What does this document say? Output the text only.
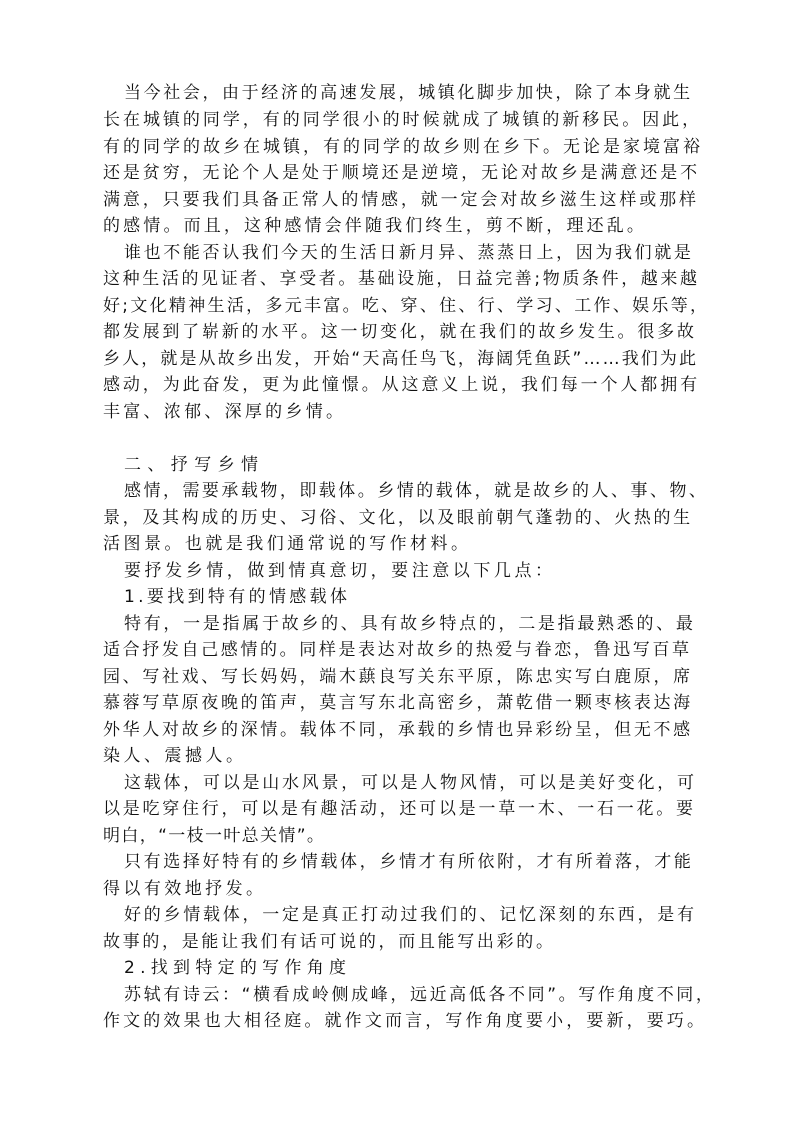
当今社会，由于经济的高速发展，城镇化脚步加快，除了本身就生

长在城镇的同学，有的同学很小的时候就成了城镇的新移民。因此，

有的同学的故乡在城镇，有的同学的故乡则在乡下。无论是家境富裕

还是贫穷，无论个人是处于顺境还是逆境，无论对故乡是满意还是不

满意，只要我们具备正常人的情感，就一定会对故乡滋生这样或那样

的感情。而且，这种感情会伴随我们终生，剪不断，理还乱。

谁也不能否认我们今天的生活日新月异、蒸蒸日上，因为我们就是

这种生活的见证者、享受者。基础设施，日益完善;物质条件，越来越

好;文化精神生活，多元丰富。吃、穿、住、行、学习、工作、娱乐等，

都发展到了崭新的水平。这一切变化，就在我们的故乡发生。很多故

乡人，就是从故乡出发，开始“天高任鸟飞，海阔凭鱼跃”……我们为此

感动，为此奋发，更为此憧憬。从这意义上说，我们每一个人都拥有

丰富、浓郁、深厚的乡情。

二、抒写乡情

感情，需要承载物，即载体。乡情的载体，就是故乡的人、事、物、

景，及其构成的历史、习俗、文化，以及眼前朝气蓬勃的、火热的生

活图景。也就是我们通常说的写作材料。

要抒发乡情，做到情真意切，要注意以下几点：

1.要找到特有的情感载体

特有，一是指属于故乡的、具有故乡特点的，二是指最熟悉的、最

适合抒发自己感情的。同样是表达对故乡的热爱与眷恋，鲁迅写百草

园、写社戏、写长妈妈，端木蕻良写关东平原，陈忠实写白鹿原，席

慕蓉写草原夜晚的笛声，莫言写东北高密乡，萧乾借一颗枣核表达海

外华人对故乡的深情。载体不同，承载的乡情也异彩纷呈，但无不感

染人、震撼人。

这载体，可以是山水风景，可以是人物风情，可以是美好变化，可

以是吃穿住行，可以是有趣活动，还可以是一草一木、一石一花。要

明白，“一枝一叶总关情”。

只有选择好特有的乡情载体，乡情才有所依附，才有所着落，才能

得以有效地抒发。

好的乡情载体，一定是真正打动过我们的、记忆深刻的东西，是有

故事的，是能让我们有话可说的，而且能写出彩的。

2.找到特定的写作角度

苏轼有诗云：“横看成岭侧成峰，远近高低各不同”。写作角度不同，

作文的效果也大相径庭。就作文而言，写作角度要小，要新，要巧。
